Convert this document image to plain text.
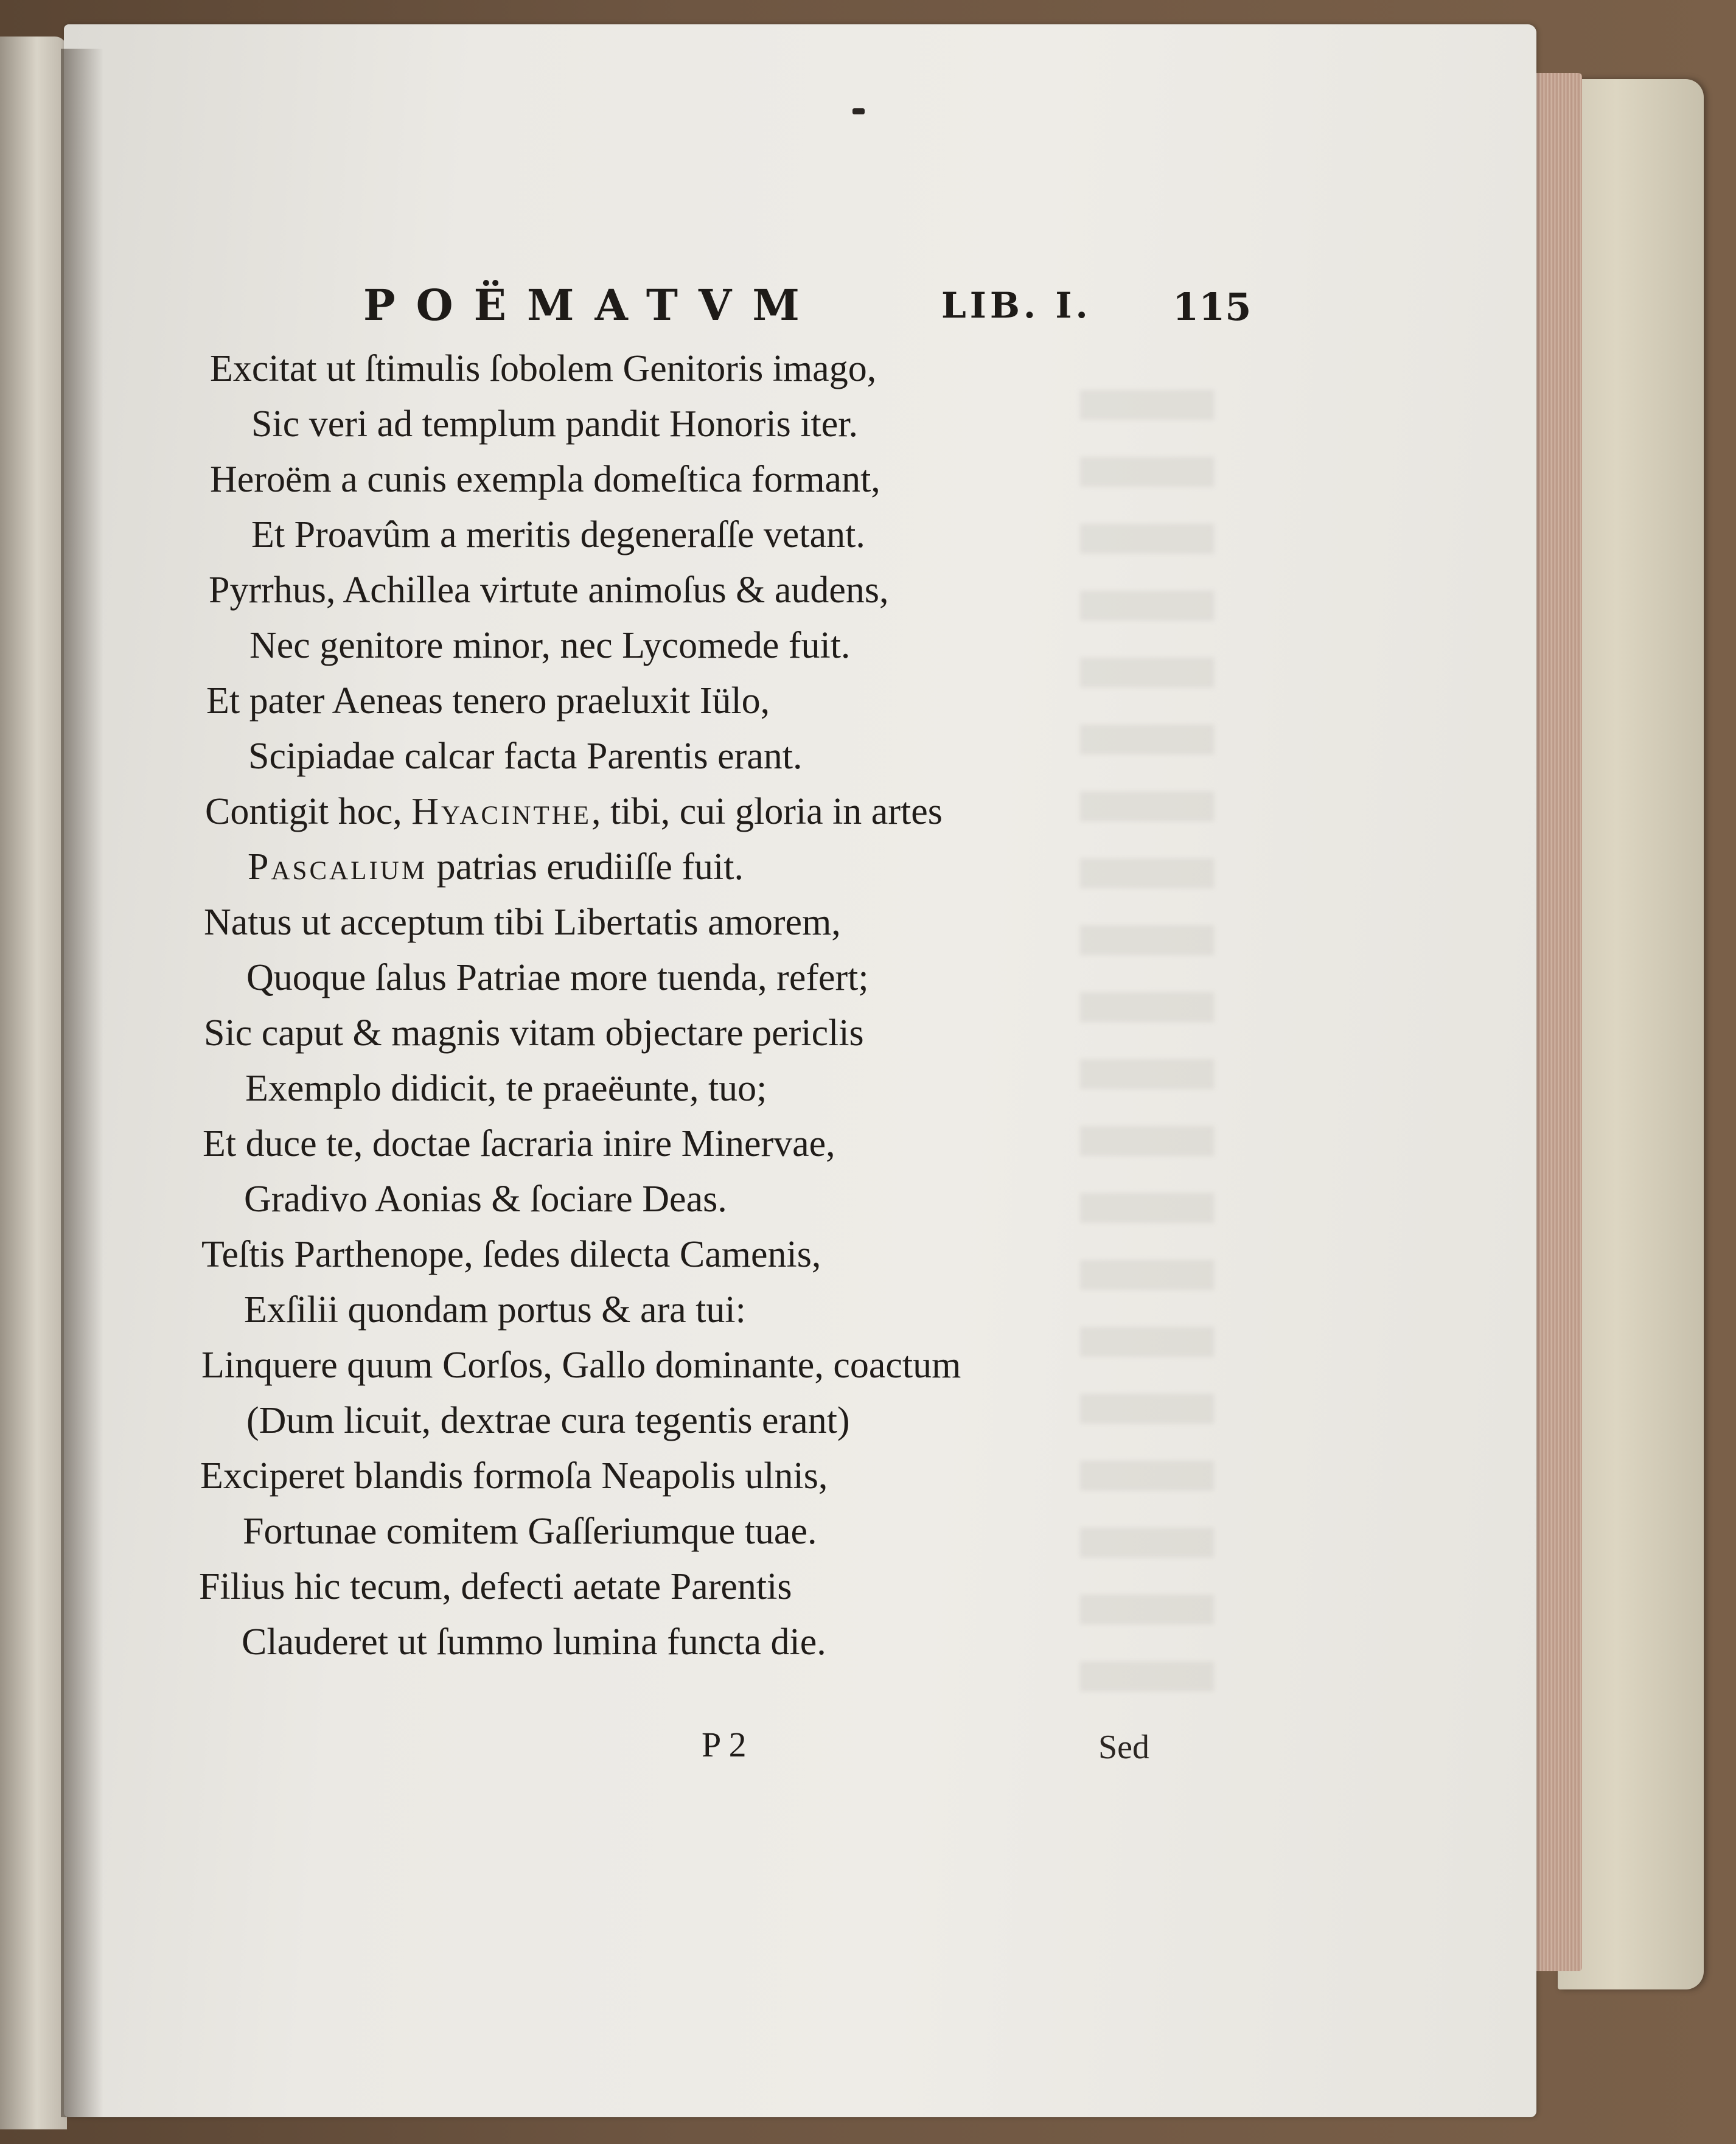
POËMATVM	LIB. I. 115
Excitat ut ſtimulis ſobolem Genitoris imago,
Sic veri ad templum pandit Honoris iter.
Heroëm a cunis exempla domeſtica formant,
Et Proavûm a meritis degeneraſſe vetant.
Pyrrhus, Achillea virtute animoſus & audens,
Nec genitore minor, nec Lycomede fuit.
Et pater Aeneas tenero praeluxit Iülo,
Scipiadae calcar facta Parentis erant.
Contigit hoc, Hyacinthe, tibi, cui gloria in artes
Pascalium patrias erudiiſſe fuit.
Natus ut acceptum tibi Libertatis amorem,
Quoque ſalus Patriae more tuenda, refert;
Sic caput & magnis vitam objectare periclis
Exemplo didicit, te praeëunte, tuo;
Et duce te, doctae ſacraria inire Minervae,
Gradivo Aonias & ſociare Deas.
Teſtis Parthenope, ſedes dilecta Camenis,
Exſilii quondam portus & ara tui:
Linquere quum Corſos, Gallo dominante, coactum
(Dum licuit, dextrae cura tegentis erant)
Exciperet blandis formoſa Neapolis ulnis,
Fortunae comitem Gaſſeriumque tuae.
Filius hic tecum, defecti aetate Parentis
Clauderet ut ſummo lumina functa die.
P 2	Sed
